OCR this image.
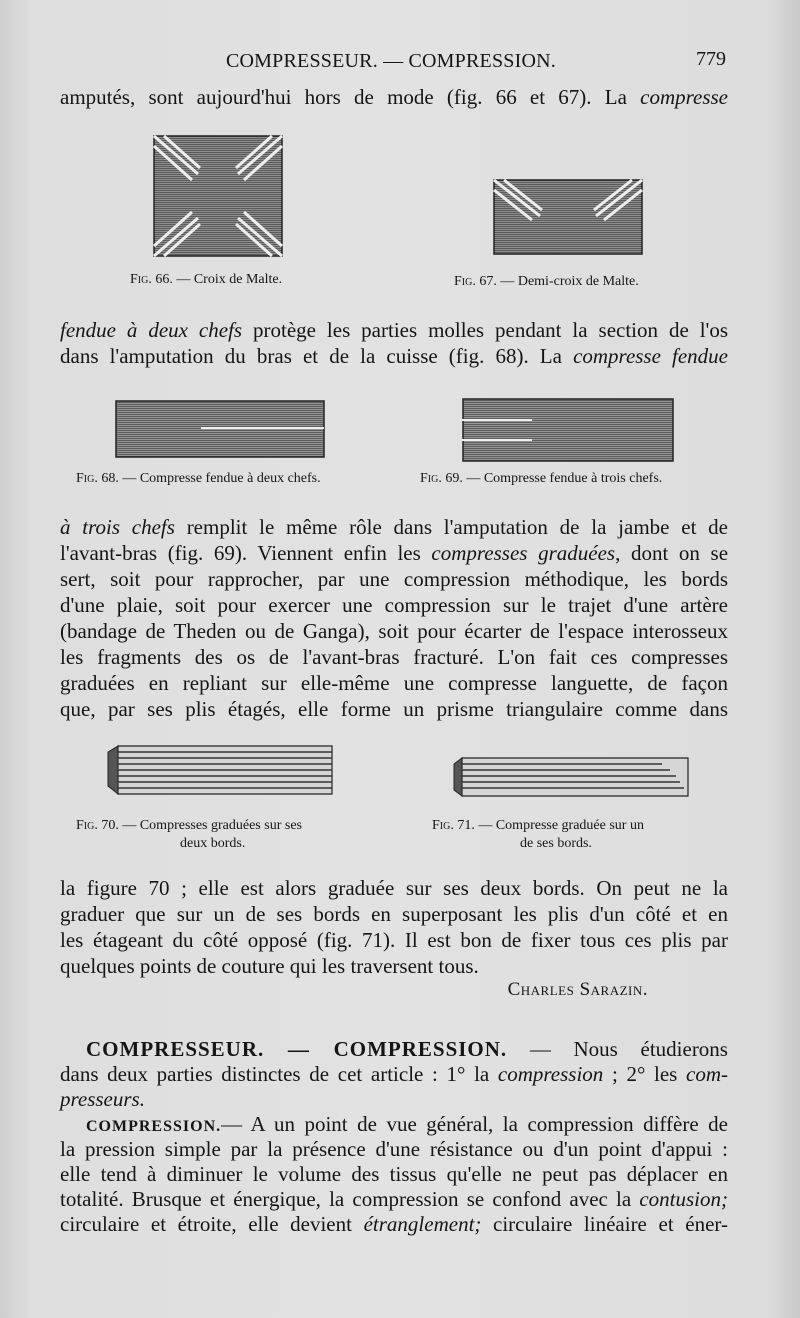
COMPRESSEUR. — COMPRESSION.	779
amputés, sont aujourd'hui hors de mode (fig. 66 et 67). La compresse
Fig. 66. — Croix de Malte.	Fig. 67. — Demi-croix de Malte.
fendue à deux chefs protège les parties molles pendant la section de l'os
dans l'amputation du bras et de la cuisse (fig. 68). La compresse fendue
Fig. 68. — Compresse fendue à deux chefs.	Fig. 69. — Compresse fendue à trois chefs.
à trois chefs remplit le même rôle dans l'amputation de la jambe et de
l'avant-bras (fig. 69). Viennent enfin les compresses graduées, dont on se
sert, soit pour rapprocher, par une compression méthodique, les bords
d'une plaie, soit pour exercer une compression sur le trajet d'une artère
(bandage de Theden ou de Ganga), soit pour écarter de l'espace interosseux
les fragments des os de l'avant-bras fracturé. L'on fait ces compresses
graduées en repliant sur elle-même une compresse languette, de façon
que, par ses plis étagés, elle forme un prisme triangulaire comme dans
Fig. 70. — Compresses graduées sur ses
deux bords.
Fig. 71. — Compresse graduée sur un
de ses bords.
la figure 70 ; elle est alors graduée sur ses deux bords. On peut ne la
graduer que sur un de ses bords en superposant les plis d'un côté et en
les étageant du côté opposé (fig. 71). Il est bon de fixer tous ces plis par
quelques points de couture qui les traversent tous.
Charles Sarazin.
COMPRESSEUR. — COMPRESSION. — Nous étudierons
dans deux parties distinctes de cet article : 1° la compression ; 2° les com-
presseurs.
COMPRESSION.— A un point de vue général, la compression diffère de
la pression simple par la présence d'une résistance ou d'un point d'appui :
elle tend à diminuer le volume des tissus qu'elle ne peut pas déplacer en
totalité. Brusque et énergique, la compression se confond avec la contusion;
circulaire et étroite, elle devient étranglement; circulaire linéaire et éner-
